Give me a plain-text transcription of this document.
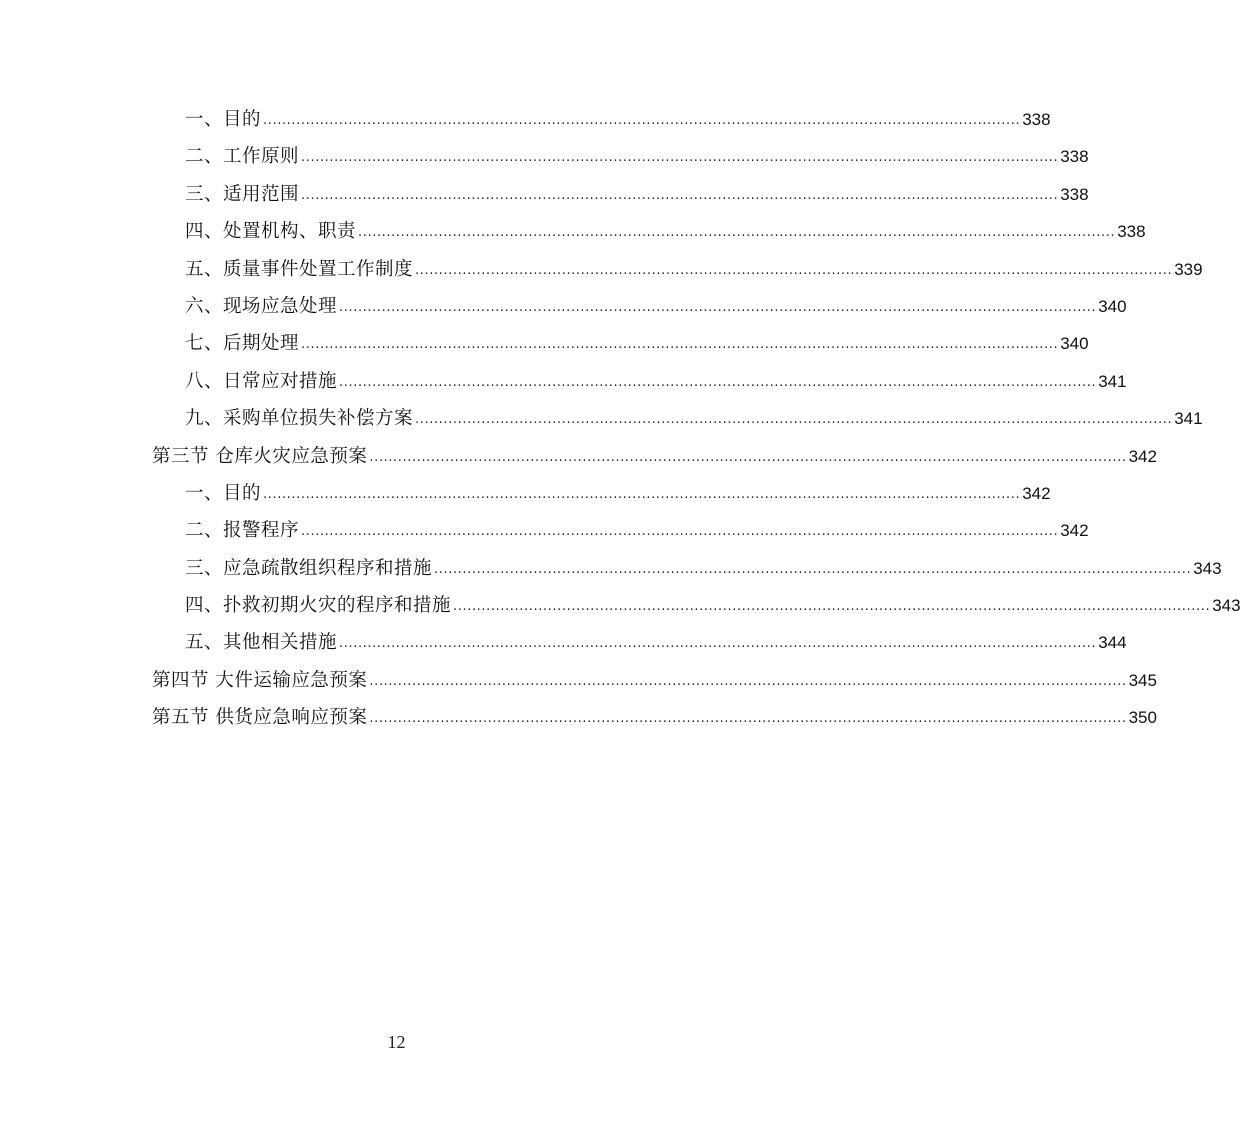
一、目的 ................................................................................................................................................................ 338
二、工作原则 ................................................................................................................................................................ 338
三、适用范围 ................................................................................................................................................................ 338
四、处置机构、职责 ................................................................................................................................................................ 338
五、质量事件处置工作制度 ................................................................................................................................................................ 339
六、现场应急处理 ................................................................................................................................................................ 340
七、后期处理 ................................................................................................................................................................ 340
八、日常应对措施 ................................................................................................................................................................ 341
九、采购单位损失补偿方案 ................................................................................................................................................................ 341
第三节 仓库火灾应急预案 ................................................................................................................................................................ 342
一、目的 ................................................................................................................................................................ 342
二、报警程序 ................................................................................................................................................................ 342
三、应急疏散组织程序和措施 ................................................................................................................................................................ 343
四、扑救初期火灾的程序和措施 ................................................................................................................................................................ 343
五、其他相关措施 ................................................................................................................................................................ 344
第四节 大件运输应急预案 ................................................................................................................................................................ 345
第五节 供货应急响应预案 ................................................................................................................................................................ 350
12
